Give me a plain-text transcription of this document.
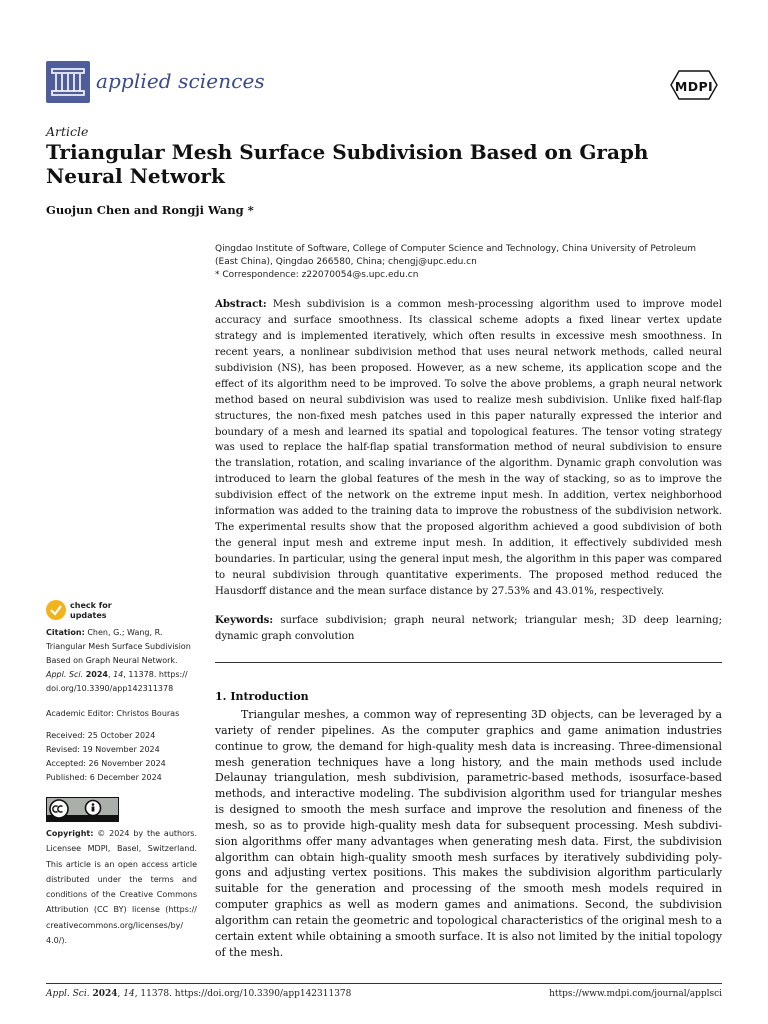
applied sciences	MDPI
Article
Triangular Mesh Surface Subdivision Based on Graph Neural Network
Guojun Chen and Rongji Wang *
Qingdao Institute of Software, College of Computer Science and Technology, China University of Petroleum
(East China), Qingdao 266580, China; chengj@upc.edu.cn
* Correspondence: z22070054@s.upc.edu.cn
Abstract: Mesh subdivision is a common mesh-processing algorithm used to improve model accuracy and surface smoothness. Its classical scheme adopts a fixed linear vertex update strategy and is implemented iteratively, which often results in excessive mesh smoothness. In recent years, a nonlinear subdivision method that uses neural network methods, called neural subdivision (NS), has been proposed. However, as a new scheme, its application scope and the effect of its algorithm need to be improved. To solve the above problems, a graph neural network method based on neural subdivision was used to realize mesh subdivision. Unlike fixed half-flap structures, the non-fixed mesh patches used in this paper naturally expressed the interior and boundary of a mesh and learned its spatial and topological features. The tensor voting strategy was used to replace the half-flap spatial transformation method of neural subdivision to ensure the translation, rotation, and scaling invariance of the algorithm. Dynamic graph convolution was introduced to learn the global features of the mesh in the way of stacking, so as to improve the subdivision effect of the network on the extreme input mesh. In addition, vertex neighborhood information was added to the training data to improve the robustness of the subdivision network. The experimental results show that the proposed algorithm achieved a good subdivision of both the general input mesh and extreme input mesh. In addition, it effectively subdivided mesh boundaries. In particular, using the general input mesh, the algorithm in this paper was compared to neural subdivision through quantitative experiments. The proposed method reduced the Hausdorff distance and the mean surface distance by 27.53% and 43.01%, respectively.
Keywords: surface subdivision; graph neural network; triangular mesh; 3D deep learning; dynamic graph convolution
check for
updates
Citation: Chen, G.; Wang, R.
Triangular Mesh Surface Subdivision
Based on Graph Neural Network.
Appl. Sci. 2024, 14, 11378. https://
doi.org/10.3390/app142311378
Academic Editor: Christos Bouras
Received: 25 October 2024
Revised: 19 November 2024
Accepted: 26 November 2024
Published: 6 December 2024
Copyright: © 2024 by the authors. Licensee MDPI, Basel, Switzerland. This article is an open access article distributed under the terms and conditions of the Creative Commons Attribution (CC BY) license (https:// creativecommons.org/licenses/by/ 4.0/).
1. Introduction
Triangular meshes, a common way of representing 3D objects, can be leveraged by a variety of render pipelines. As the computer graphics and game animation industries continue to grow, the demand for high-quality mesh data is increasing. Three-dimensional mesh generation techniques have a long history, and the main methods used include Delaunay triangulation, mesh subdivision, parametric-based methods, isosurface-based methods, and interactive modeling. The subdivision algorithm used for triangular meshes is designed to smooth the mesh surface and improve the resolution and fineness of the mesh, so as to provide high-quality mesh data for subsequent processing. Mesh subdivi- sion algorithms offer many advantages when generating mesh data. First, the subdivision algorithm can obtain high-quality smooth mesh surfaces by iteratively subdividing poly- gons and adjusting vertex positions. This makes the subdivision algorithm particularly suitable for the generation and processing of the smooth mesh models required in computer graphics as well as modern games and animations. Second, the subdivision algorithm can retain the geometric and topological characteristics of the original mesh to a certain extent while obtaining a smooth surface. It is also not limited by the initial topology of the mesh.
Appl. Sci. 2024, 14, 11378. https://doi.org/10.3390/app142311378	https://www.mdpi.com/journal/applsci
